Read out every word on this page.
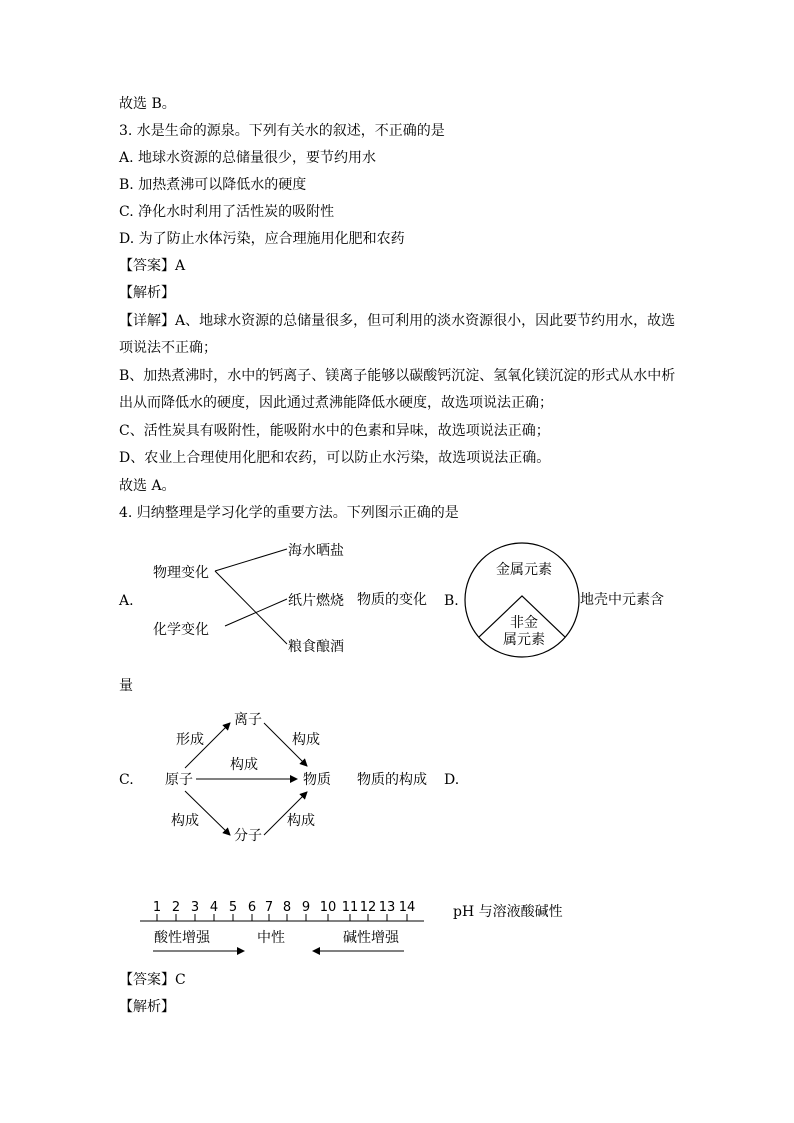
故选 B。
3. 水是生命的源泉。下列有关水的叙述，不正确的是
A. 地球水资源的总储量很少，要节约用水
B. 加热煮沸可以降低水的硬度
C. 净化水时利用了活性炭的吸附性
D. 为了防止水体污染，应合理施用化肥和农药
【答案】A
【解析】
【详解】A、地球水资源的总储量很多，但可利用的淡水资源很小，因此要节约用水，故选
项说法不正确；
B、加热煮沸时，水中的钙离子、镁离子能够以碳酸钙沉淀、氢氧化镁沉淀的形式从水中析
出从而降低水的硬度，因此通过煮沸能降低水硬度，故选项说法正确；
C、活性炭具有吸附性，能吸附水中的色素和异味，故选项说法正确；
D、农业上合理使用化肥和农药，可以防止水污染，故选项说法正确。
故选 A。
4. 归纳整理是学习化学的重要方法。下列图示正确的是
A.
物理变化
化学变化
海水晒盐
纸片燃烧
粮食酿酒
物质的变化 B.
金属元素
非金
属元素
地壳中元素含
量
C.
离子
原子	物质
分子
形成	构成
构成
构成	构成
物质的构成 D.
1 2 3 4 5 6 7 8 9 10 11 12 13 14
酸性增强	中性	碱性增强
pH 与溶液酸碱性
【答案】C
【解析】
